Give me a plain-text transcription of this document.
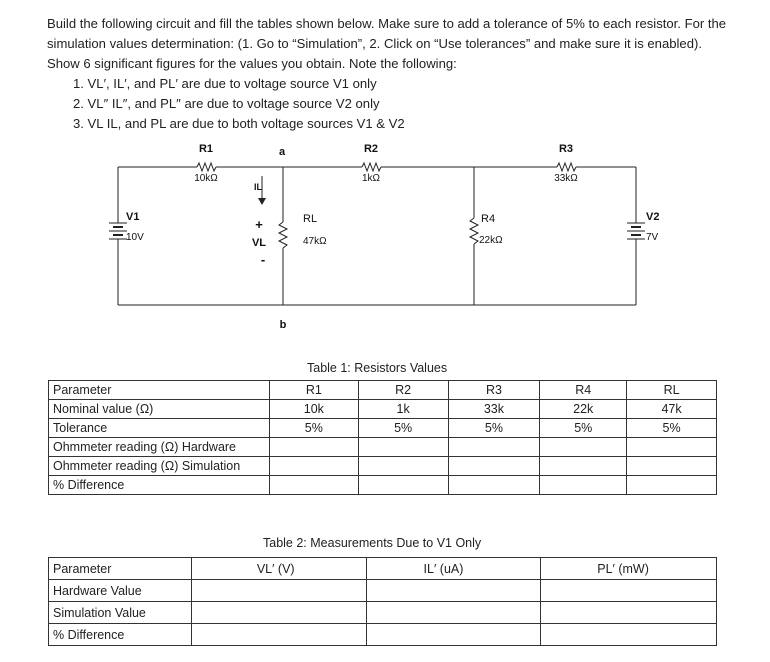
Build the following circuit and fill the tables shown below. Make sure to add a tolerance of 5% to each resistor. For the simulation values determination: (1. Go to “Simulation”, 2. Click on “Use tolerances” and make sure it is enabled). Show 6 significant figures for the values you obtain. Note the following:

1. VL′, IL′, and PL′ are due to voltage source V1 only
2. VL″ IL″, and PL″ are due to voltage source V2 only
3. VL IL, and PL are due to both voltage sources V1 & V2
R1
10kΩ
a	R2
1kΩ
R3
33kΩ
IL
V1
10V
V2
7V
+
VL
-
RL
47kΩ
R4
22kΩ
b
Table 1: Resistors Values
Parameter	R1	R2	R3	R4	RL
Nominal value (Ω)	10k	1k	33k	22k	47k
Tolerance	5%	5%	5%	5%	5%
Ohmmeter reading (Ω) Hardware					
Ohmmeter reading (Ω) Simulation					
% Difference					
Table 2: Measurements Due to V1 Only
Parameter	VL′ (V)	IL′ (uA)	PL′ (mW)
Hardware Value			
Simulation Value			
% Difference			
